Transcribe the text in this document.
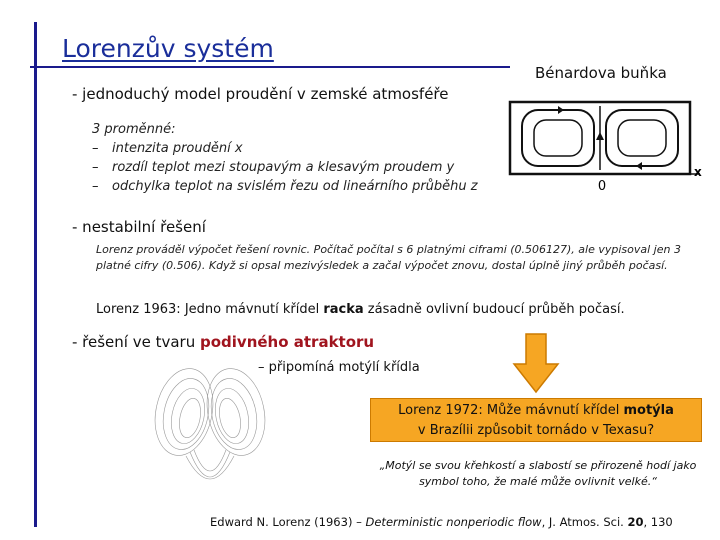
Lorenzův systém
- jednoduchý model proudění v zemské atmosféře
3 proměnné:
– intenzita proudění x
– rozdíl teplot mezi stoupavým a klesavým proudem y
– odchylka teplot na svislém řezu od lineárního průběhu z
Bénardova buňka
0
x
- nestabilní řešení
Lorenz prováděl výpočet řešení rovnic. Počítač počítal s 6 platnými ciframi (0.506127), ale vypisoval jen 3 platné cifry (0.506). Když si opsal mezivýsledek a začal výpočet znovu, dostal úplně jiný průběh počasí.
Lorenz 1963: Jedno mávnutí křídel racka zásadně ovlivní budoucí průběh počasí.
- řešení ve tvaru podivného atraktoru
– připomíná motýlí křídla
Lorenz 1972: Může mávnutí křídel motýla
v Brazílii způsobit tornádo v Texasu?
„Motýl se svou křehkostí a slabostí se přirozeně hodí jako symbol toho, že malé může ovlivnit velké.“
Edward N. Lorenz (1963) – Deterministic nonperiodic flow, J. Atmos. Sci. 20, 130
